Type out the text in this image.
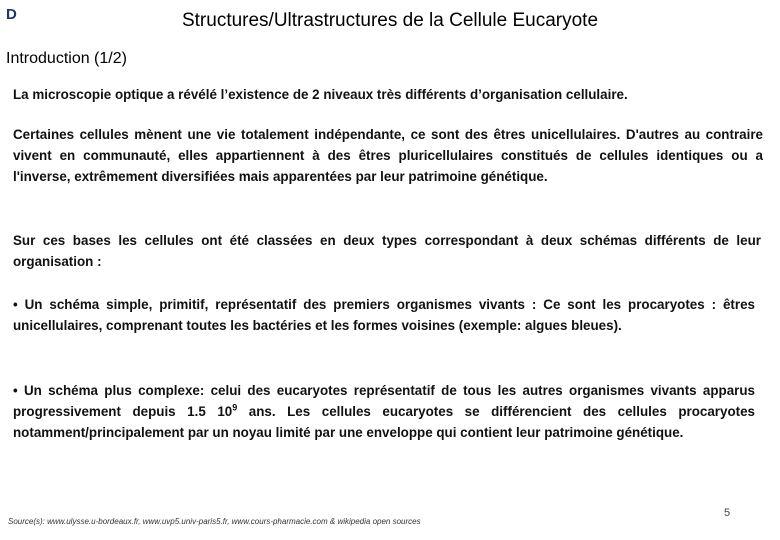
D	Structures/Ultrastructures de la Cellule Eucaryote
Introduction (1/2)
La microscopie optique a révélé l’existence de 2 niveaux très différents d’organisation cellulaire.
Certaines cellules mènent une vie totalement indépendante, ce sont des êtres unicellulaires. D'autres au contraire vivent en communauté, elles appartiennent à des êtres pluricellulaires constitués de cellules identiques ou a l'inverse, extrêmement diversifiées mais apparentées par leur patrimoine génétique.
Sur ces bases les cellules ont été classées en deux types correspondant à deux schémas différents de leur organisation :
• Un schéma simple, primitif, représentatif des premiers organismes vivants : Ce sont les procaryotes : êtres unicellulaires, comprenant toutes les bactéries et les formes voisines (exemple: algues bleues).
• Un schéma plus complexe: celui des eucaryotes représentatif de tous les autres organismes vivants apparus progressivement depuis 1.5 $10^9$ ans. Les cellules eucaryotes se différencient des cellules procaryotes notamment/principalement par un noyau limité par une enveloppe qui contient leur patrimoine génétique.
Source(s): www.ulysse.u-bordeaux.fr, www.uvp5.univ-paris5.fr, www.cours-pharmacie.com & wikipedia open sources
5
